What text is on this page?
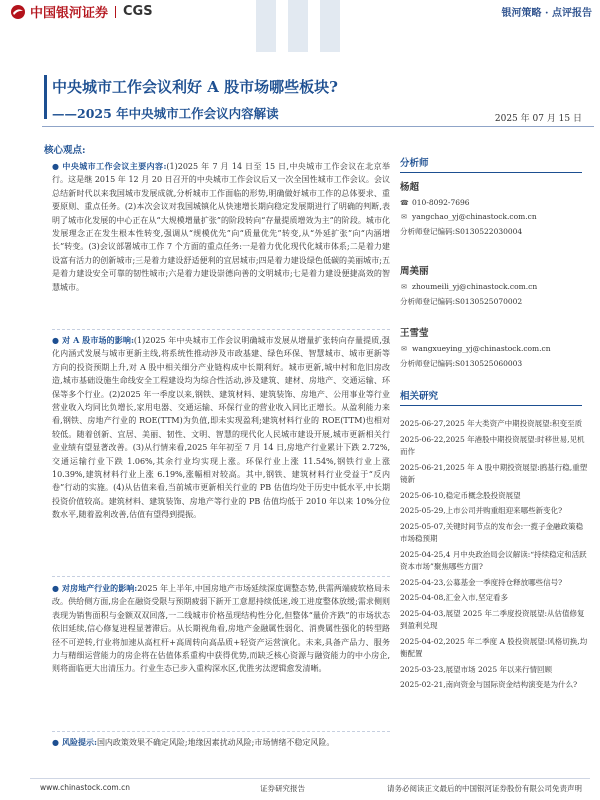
中国银河证券 CGS	银河策略 · 点评报告
中央城市工作会议利好 A 股市场哪些板块?
——2025 年中央城市工作会议内容解读	2025 年 07 月 15 日
核心观点:
● 中央城市工作会议主要内容:(1)2025 年 7 月 14 日至 15 日,中央城市工作会议在北京举行。这是继 2015 年 12 月 20 日召开的中央城市工作会议后又一次全国性城市工作会议。会议总结新时代以来我国城市发展成就,分析城市工作面临的形势,明确做好城市工作的总体要求、重要原则、重点任务。(2)本次会议对我国城镇化从快速增长期向稳定发展期进行了明确的判断,表明了城市化发展的中心正在从“大规模增量扩张”的阶段转向“存量提质增效为主”的阶段。城市化发展理念正在发生根本性转变,强调从“规模优先”向“质量优先”转变,从“外延扩张”向“内涵增长”转变。(3)会议部署城市工作 7 个方面的重点任务:一是着力优化现代化城市体系;二是着力建设富有活力的创新城市;三是着力建设舒适便利的宜居城市;四是着力建设绿色低碳的美丽城市;五是着力建设安全可靠的韧性城市;六是着力建设崇德向善的文明城市;七是着力建设便捷高效的智慧城市。
● 对 A 股市场的影响:(1)2025 年中央城市工作会议明确城市发展从增量扩张转向存量提质,强化内涵式发展与城市更新主线,将系统性推动涉及市政基建、绿色环保、智慧城市、城市更新等方向的投资预期上升,对 A 股中相关细分产业链构成中长期利好。城市更新,城中村和危旧房改造,城市基础设施生命线安全工程建设均为综合性活动,涉及建筑、建材、房地产、交通运输、环保等多个行业。(2)2025 年一季度以来,钢铁、建筑材料、建筑装饰、房地产、公用事业等行业营业收入均同比负增长,家用电器、交通运输、环保行业的营业收入同比正增长。从盈利能力来看,钢铁、房地产行业的 ROE(TTM)为负值,即未实现盈利;建筑材料行业的 ROE(TTM)也相对较低。随着创新、宜居、美丽、韧性、文明、智慧的现代化人民城市建设开展,城市更新相关行业业绩有望显著改善。(3)从行情来看,2025 年年初至 7 月 14 日,房地产行业累计下跌 2.72%,交通运输行业下跌 1.06%,其余行业均实现上涨。环保行业上涨 11.54%,钢铁行业上涨 10.39%,建筑材料行业上涨 6.19%,涨幅相对较高。其中,钢铁、建筑材料行业受益于“反内卷”行动的实施。(4)从估值来看,当前城市更新相关行业的 PB 估值均处于历史中低水平,中长期投资价值较高。建筑材料、建筑装饰、房地产等行业的 PB 估值均低于 2010 年以来 10%分位数水平,随着盈利改善,估值有望得到提振。
● 对房地产行业的影响:2025 年上半年,中国房地产市场延续深度调整态势,供需两端疲软格局未改。供给侧方面,房企在融资受限与预期疲弱下新开工意愿持续低迷,竣工进度整体放缓;需求侧则表现为销售面积与金额双双回落,一二线城市价格虽现结构性分化,但整体“量价齐跌”的市场状态依旧延续,信心修复进程显著滞后。从长期视角看,房地产金融属性弱化、消费属性强化的转型路径不可逆转,行业将加速从高杠杆+高周转向高品质+轻资产运营演化。未来,具备产品力、服务力与精细运营能力的房企将在估值体系重构中获得优势,而缺乏核心资源与融资能力的中小房企,则将面临更大出清压力。行业生态已步入重构深水区,优胜劣汰逻辑愈发清晰。
● 风险提示:国内政策效果不确定风险;地缘因素扰动风险;市场情绪不稳定风险。
分析师
杨超
☎ 010-8092-7696
✉ yangchao_yj@chinastock.com.cn
分析师登记编码:S0130522030004
周美丽
✉ zhoumeili_yj@chinastock.com.cn
分析师登记编码:S0130525070002
王雪莹
✉ wangxueying_yj@chinastock.com.cn
分析师登记编码:S0130525060003
相关研究
2025-06-27,2025 年大类资产中期投资展望:积变至质
2025-06-22,2025 年港股中期投资展望:时移世易,见机而作
2025-06-21,2025 年 A 股中期投资展望:鸥基行稳,重塑镜新
2025-06-10,稳定币概念股投资展望
2025-05-29,上市公司并购重组迎来哪些新变化?
2025-05-07,关键时间节点的发布会:一揽子金融政策稳市场稳预期
2025-04-25,4 月中央政治局会议解读:“持续稳定和活跃资本市场”聚焦哪些方面?
2025-04-23,公募基金一季度持仓释放哪些信号?
2025-04-08,汇金入市,坚定看多
2025-04-03,展望 2025 年二季度投资展望:从估值修复到盈利兑现
2025-04-02,2025 年二季度 A 股投资展望:风格切换,均衡配置
2025-03-23,展望市场 2025 年以来行情回顾
2025-02-21,南向资金与国际资金结构演变是为什么?
www.chinastock.com.cn	证券研究报告	请务必阅读正文最后的中国银河证券股份有限公司免责声明
